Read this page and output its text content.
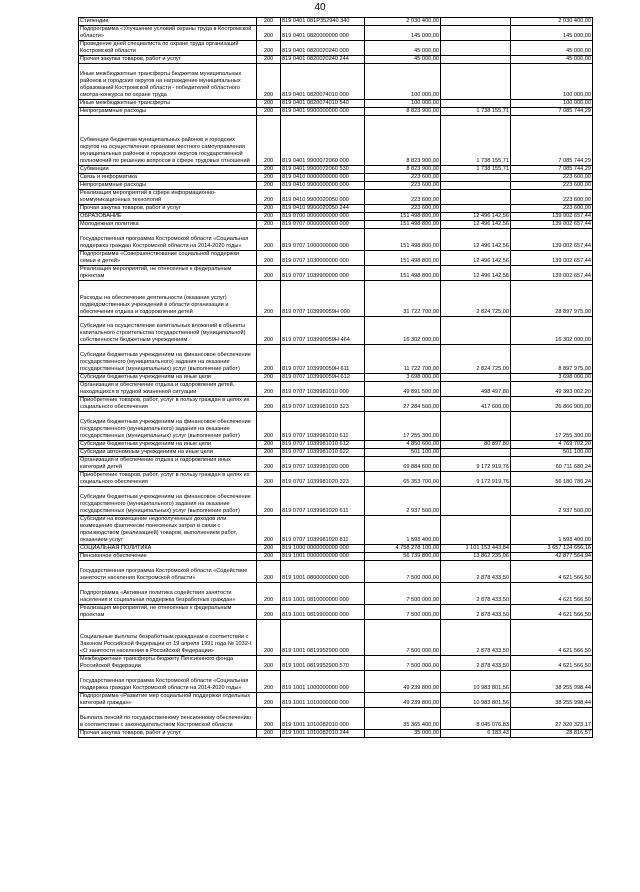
40
Стипендии	200	819 0401 081Р352940 340	2 030 400,00		2 030 400,00
Подпрограмма «Улучшение условий охраны труда в Костромской области»	200	819 0401 0820000000 000	145 000,00		145 000,00
Проведение дней специалиста по охране труда организаций Костромской области	200	819 0401 0820020240 000	45 000,00		45 000,00
Прочая закупка товаров, работ и услуг	200	819 0401 0820020240 244	45 000,00		45 000,00
Иные межбюджетные трансферты бюджетам муниципальных районов и городских округов на награждение муниципальных образований Костромской области - победителей областного смотра-конкурса по охране труда	200	819 0401 0820074010 000	100 000,00		100 000,00
Иные межбюджетные трансферты	200	819 0401 0820074010 540	100 000,00		100 000,00
Непрограммные расходы	200	819 0401 9900000000 000	8 823 900,00	1 738 155,71	7 085 744,29
Субвенции бюджетам муниципальных районов и городских округов на осуществление органами местного самоуправления муниципальных районов и городских округов государственной полномочий по решению вопросов в сфере трудовых отношений	200	819 0401 9900072060 000	8 823 900,00	1 738 155,71	7 085 744,29
Субвенции	200	819 0401 9900072060 530	8 823 900,00	1 738 155,71	7 085 744,29
Связь и информатика	200	819 0410 0000000000 000	223 600,00		223 600,00
Непрограммные расходы	200	819 0410 9900000000 000	223 600,00		223 600,00
Реализация мероприятий в сфере информационно-коммуникационных технологий	200	819 0410 9900020050 000	223 600,00		223 600,00
Прочая закупка товаров, работ и услуг	200	819 0410 9900020050 244	223 600,00		223 600,00
ОБРАЗОВАНИЕ	200	819 0700 0000000000 000	151 498 800,00	12 496 142,56	139 002 657,44
Молодежная политика	200	819 0707 0000000000 000	151 498 800,00	12 496 142,56	139 002 657,44
Государственная программа Костромской области «Социальная поддержка граждан Костромской области на 2014-2020 годы»	200	819 0707 1000000000 000	151 498 800,00	12 496 142,56	139 002 657,44
Подпрограмма «Совершенствование социальной поддержки семьи и детей»	200	819 0707 1030000000 000	151 498 800,00	12 496 142,56	139 002 657,44
Реализация мероприятий, не отнесенных к федеральным проектам	200	819 0707 1039900000 000	151 498 800,00	12 496 142,56	139 002 657,44
Расходы на обеспечение деятельности (оказание услуг) подведомственных учреждений в области организации и обеспечения отдыха и оздоровления детей	200	819 0707 103990059Н 000	31 722 700,00	2 824 725,00	28 897 975,00
Субсидии на осуществление капитальных вложений в объекты капитального строительства государственной (муниципальной) собственности бюджетным учреждениям	200	819 0707 103990059Н 464	16 302 000,00		16 302 000,00
Субсидии бюджетным учреждениям на финансовое обеспечение государственного (муниципального) задания на оказание государственных (муниципальных) услуг (выполнение работ)	200	819 0707 103990059Н 611	11 722 700,00	2 824 725,00	8 897 975,00
Субсидии бюджетным учреждениям на иные цели	200	819 0707 103990059Н 612	3 698 000,00		3 698 000,00
Организация и обеспечение отдыха и оздоровления детей, находящихся в трудной жизненной ситуации	200	819 0707 1039981010 000	49 891 500,00	498 497,80	49 393 002,20
Приобретение товаров, работ, услуг в пользу граждан в целях их социального обеспечения	200	819 0707 1039981010 323	27 284 500,00	417 600,00	26 866 900,00
Субсидии бюджетным учреждениям на финансовое обеспечение государственного (муниципального) задания на оказание государственных (муниципальных) услуг (выполнение работ)	200	819 0707 1039981010 611	17 255 300,00		17 255 300,00
Субсидии бюджетным учреждениям на иные цели	200	819 0707 1039981010 612	4 850 600,00	80 897,80	4 769 702,20
Субсидии автономным учреждениям на иные цели	200	819 0707 1039981010 622	501 100,00		501 100,00
Организация и обеспечение отдыха и оздоровления иных категорий детей	200	819 0707 1039981020 000	69 884 600,00	9 172 919,76	60 711 680,24
Приобретение товаров, работ, услуг в пользу граждан в целях их социального обеспечения	200	819 0707 1039981020 323	65 353 700,00	9 172 919,76	56 180 780,24
Субсидии бюджетным учреждениям на финансовое обеспечение государственного (муниципального) задания на оказание государственных (муниципальных) услуг (выполнение работ)	200	819 0707 1039981020 611	2 937 500,00		2 937 500,00
Субсидии на возмещение недополученных доходов или возмещение фактически понесенных затрат в связи с производством (реализацией) товаров, выполнением работ, оказанием услуг	200	819 0707 1039981020 811	1 593 400,00		1 593 400,00
СОЦИАЛЬНАЯ ПОЛИТИКА	200	819 1000 0000000000 000	4 758 278 100,00	1 101 153 443,84	3 657 124 656,16
Пенсионное обеспечение	200	819 1001 0000000000 000	56 739 800,00	13 862 235,06	42 877 564,94
Государственная программа Костромской области «Содействие занятости населения Костромской области»	200	819 1001 0800000000 000	7 500 000,00	2 878 433,50	4 621 566,50
Подпрограмма «Активная политика содействия занятости населения и социальная поддержка безработных граждан»	200	819 1001 0810000000 000	7 500 000,00	2 878 433,50	4 621 566,50
Реализация мероприятий, не отнесенных к федеральным проектам	200	819 1001 0819900000 000	7 500 000,00	2 878 433,50	4 621 566,50
Социальные выплаты безработным гражданам в соответствии с Законом Российской Федерации от 19 апреля 1991 года № 1032-I «О занятости населения в Российской Федерации»	200	819 1001 0819952900 000	7 500 000,00	2 878 433,50	4 621 566,50
Межбюджетные трансферты бюджету Пенсионного фонда Российской Федерации	200	819 1001 0819952900 570	7 500 000,00	2 878 433,50	4 621 566,50
Государственная программа Костромской области «Социальная поддержка граждан Костромской области на 2014-2020 годы»	200	819 1001 1000000000 000	49 239 800,00	10 983 801,56	38 255 998,44
Подпрограмма «Развитие мер социальной поддержки отдельных категорий граждан»	200	819 1001 1010000000 000	49 239 800,00	10 983 801,56	38 255 998,44
Выплата пенсий по государственному пенсионному обеспечению в соответствии с законодательством Костромской области	200	819 1001 1010082010 000	35 365 400,00	8 045 076,83	27 320 323,17
Прочая закупка товаров, работ и услуг	200	819 1001 1010082010 244	35 000,00	6 183,43	28 816,57
